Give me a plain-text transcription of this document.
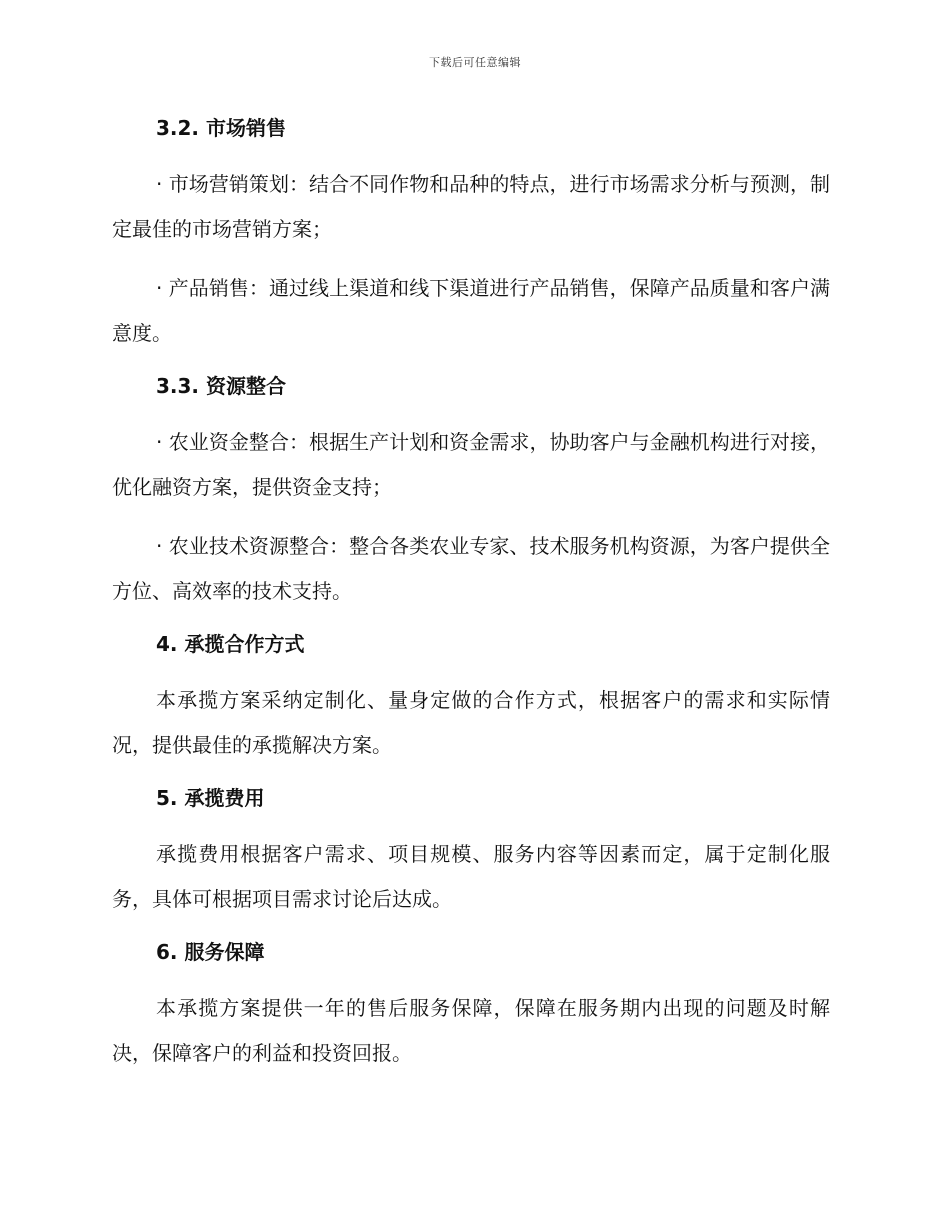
下载后可任意编辑
3.2. 市场销售

· 市场营销策划：结合不同作物和品种的特点，进行市场需求分析与预测，制定最佳的市场营销方案；

· 产品销售：通过线上渠道和线下渠道进行产品销售，保障产品质量和客户满意度。

3.3. 资源整合

· 农业资金整合：根据生产计划和资金需求，协助客户与金融机构进行对接，优化融资方案，提供资金支持；

· 农业技术资源整合：整合各类农业专家、技术服务机构资源，为客户提供全方位、高效率的技术支持。

4. 承揽合作方式

本承揽方案采纳定制化、量身定做的合作方式，根据客户的需求和实际情况，提供最佳的承揽解决方案。

5. 承揽费用

承揽费用根据客户需求、项目规模、服务内容等因素而定，属于定制化服务，具体可根据项目需求讨论后达成。

6. 服务保障

本承揽方案提供一年的售后服务保障，保障在服务期内出现的问题及时解决，保障客户的利益和投资回报。
